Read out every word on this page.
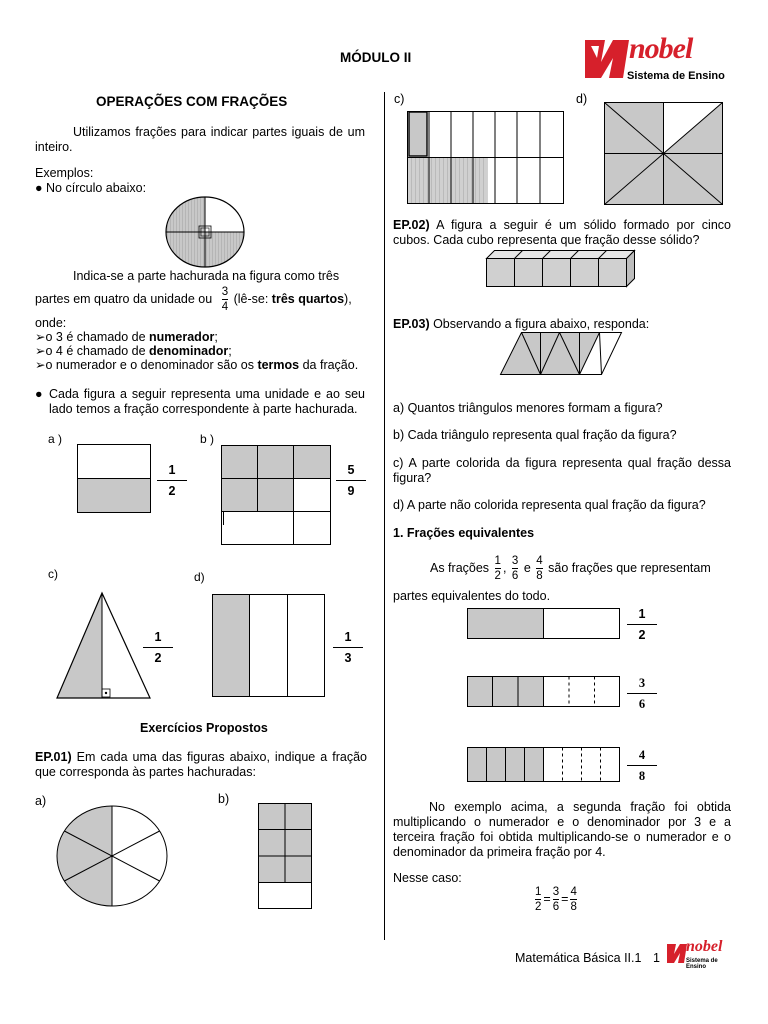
MÓDULO II	nobel
Sistema de Ensino
OPERAÇÕES COM FRAÇÕES
Utilizamos frações para indicar partes iguais de um inteiro.
Exemplos:
● No círculo abaixo:
Indica-se a parte hachurada na figura como três
partes em quatro da unidade ou $\frac{3}{4}$ (lê-se: três quartos),
onde:
➢o 3 é chamado de numerador;
➢o 4 é chamado de denominador;
➢o numerador e o denominador são os termos da fração.
● Cada figura a seguir representa uma unidade e ao seu lado temos a fração correspondente à parte hachurada.
a )
1
2
b )
5
9
c)
1
2
d)
1
3
Exercícios Propostos
EP.01) Em cada uma das figuras abaixo, indique a fração que corresponda às partes hachuradas:
a)	b)
c)	d)
EP.02) A figura a seguir é um sólido formado por cinco cubos. Cada cubo representa que fração desse sólido?
EP.03) Observando a figura abaixo, responda:
a) Quantos triângulos menores formam a figura?
b) Cada triângulo representa qual fração da figura?
c) A parte colorida da figura representa qual fração dessa figura?
d) A parte não colorida representa qual fração da figura?
1. Frações equivalentes
As frações $\frac{1}{2}$ , $\frac{3}{6}$ e $\frac{4}{8}$ são frações que representam
partes equivalentes do todo.
1
2
3
6
4
8
No exemplo acima, a segunda fração foi obtida multiplicando o numerador e o denominador por 3 e a terceira fração foi obtida multiplicando-se o numerador e o denominador da primeira fração por 4.
Nesse caso:
$\frac{1}{2} = \frac{3}{6} = \frac{4}{8}$
Matemática Básica II.1 1
nobel
Sistema de Ensino
